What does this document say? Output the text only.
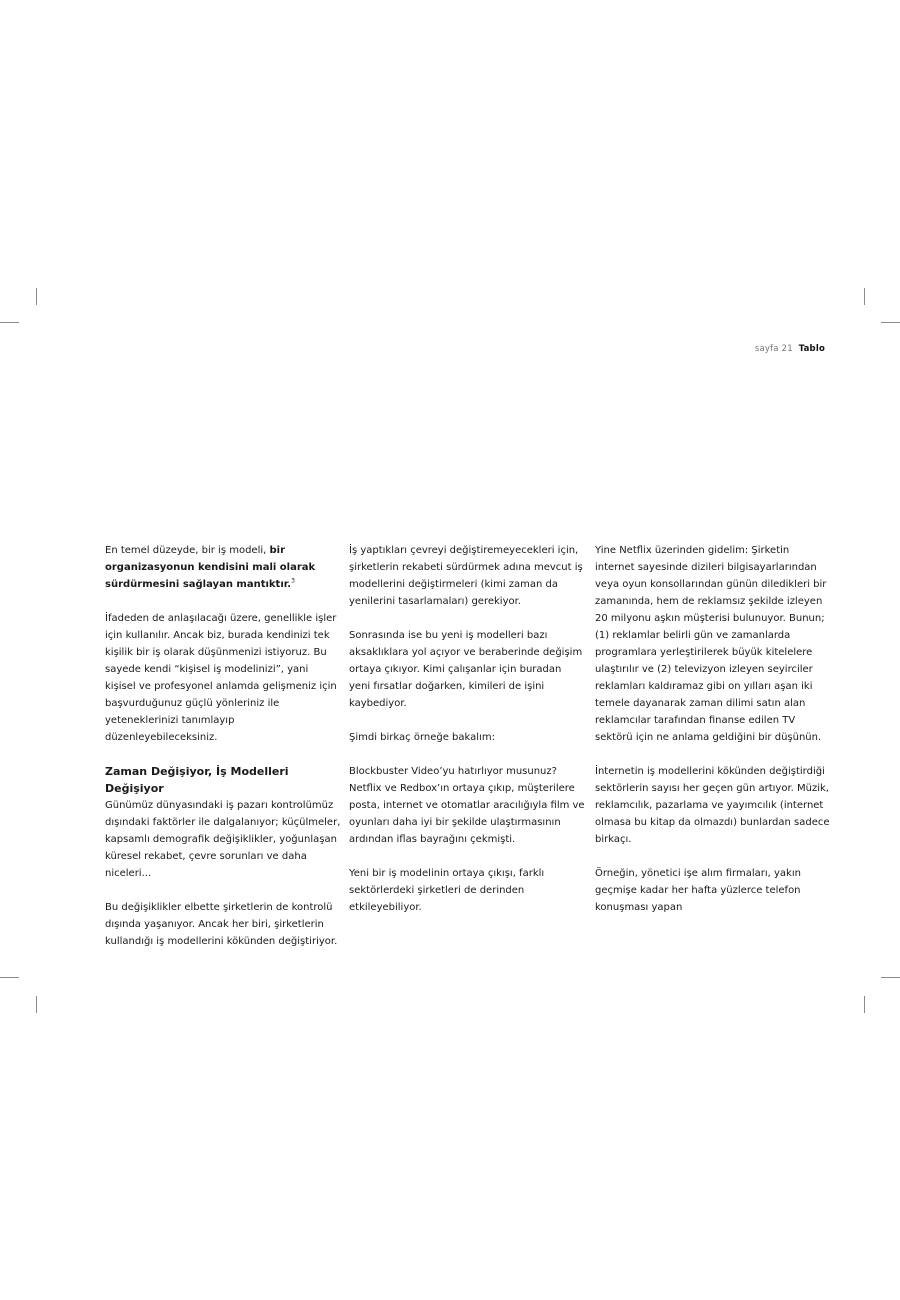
sayfa 21 Tablo

En temel düzeyde, bir iş modeli, bir organizasyonun kendisini mali olarak sürdürmesini sağlayan mantıktır.$^3$

İfadeden de anlaşılacağı üzere, genellikle işler için kullanılır. Ancak biz, burada kendinizi tek kişilik bir iş olarak düşünmenizi istiyoruz. Bu sayede kendi “kişisel iş modelinizi”, yani kişisel ve profesyonel anlamda gelişmeniz için başvurduğunuz güçlü yönleriniz ile yeteneklerinizi tanımlayıp düzenleyebileceksiniz.

Zaman Değişiyor, İş Modelleri Değişiyor

Günümüz dünyasındaki iş pazarı kontrolümüz dışındaki faktörler ile dalgalanıyor; küçülmeler, kapsamlı demografik değişiklikler, yoğunlaşan küresel rekabet, çevre sorunları ve daha niceleri...

Bu değişiklikler elbette şirketlerin de kontrolü dışında yaşanıyor. Ancak her biri, şirketlerin kullandığı iş modellerini kökünden değiştiriyor.

İş yaptıkları çevreyi değiştiremeyecekleri için, şirketlerin rekabeti sürdürmek adına mevcut iş modellerini değiştirmeleri (kimi zaman da yenilerini tasarlamaları) gerekiyor.

Sonrasında ise bu yeni iş modelleri bazı aksaklıklara yol açıyor ve beraberinde değişim ortaya çıkıyor. Kimi çalışanlar için buradan yeni fırsatlar doğarken, kimileri de işini kaybediyor.

Şimdi birkaç örneğe bakalım:

Blockbuster Video’yu hatırlıyor musunuz? Netflix ve Redbox’ın ortaya çıkıp, müşterilere posta, internet ve otomatlar aracılığıyla film ve oyunları daha iyi bir şekilde ulaştırmasının ardından iflas bayrağını çekmişti.

Yeni bir iş modelinin ortaya çıkışı, farklı sektörlerdeki şirketleri de derinden etkileyebiliyor.

Yine Netflix üzerinden gidelim: Şirketin internet sayesinde dizileri bilgisayarlarından veya oyun konsollarından günün diledikleri bir zamanında, hem de reklamsız şekilde izleyen 20 milyonu aşkın müşterisi bulunuyor. Bunun; (1) reklamlar belirli gün ve zamanlarda programlara yerleştirilerek büyük kitelelere ulaştırılır ve (2) televizyon izleyen seyirciler reklamları kaldıramaz gibi on yılları aşan iki temele dayanarak zaman dilimi satın alan reklamcılar tarafından finanse edilen TV sektörü için ne anlama geldiğini bir düşünün.

İnternetin iş modellerini kökünden değiştirdiği sektörlerin sayısı her geçen gün artıyor. Müzik, reklamcılık, pazarlama ve yayımcılık (internet olmasa bu kitap da olmazdı) bunlardan sadece birkaçı.

Örneğin, yönetici işe alım firmaları, yakın geçmişe kadar her hafta yüzlerce telefon konuşması yapan
